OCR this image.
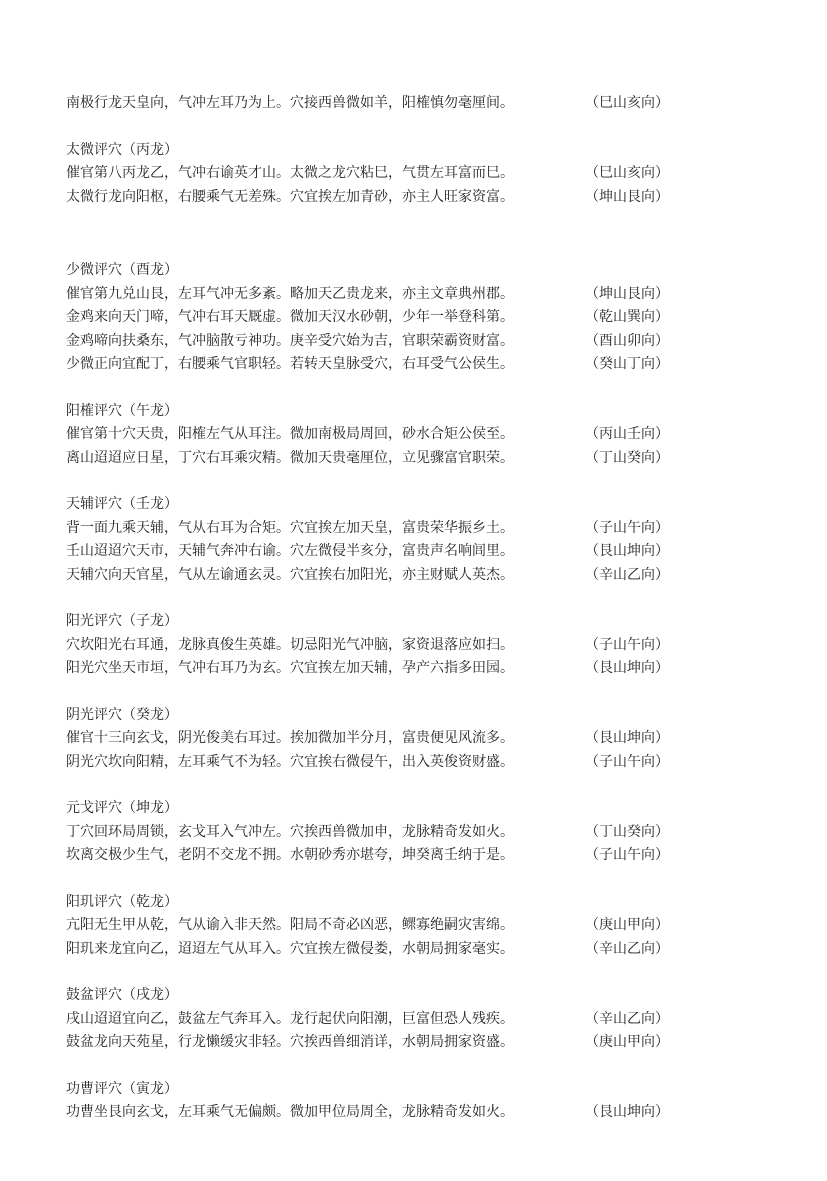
南极行龙天皇向，气冲左耳乃为上。穴接西兽微如羊，阳榷慎勿毫厘间。	（巳山亥向）
太微评穴（丙龙）
催官第八丙龙乙，气冲右谕英才山。太微之龙穴粘巳，气贯左耳富而巳。	（巳山亥向）
太微行龙向阳枢，右腰乘气无差殊。穴宜挨左加青砂，亦主人旺家资富。	（坤山艮向）
少微评穴（酉龙）
催官第九兑山艮，左耳气冲无多紊。略加天乙贵龙来，亦主文章典州郡。	（坤山艮向）
金鸡来向天门啼，气冲右耳天厩虚。微加天汉水砂朝，少年一举登科第。	（乾山巽向）
金鸡啼向扶桑东，气冲脑散亏神功。庚辛受穴始为吉，官职荣霸资财富。	（酉山卯向）
少微正向宜配丁，右腰乘气官职轻。若转天皇脉受穴，右耳受气公侯生。	（癸山丁向）
阳榷评穴（午龙）
催官第十穴天贵，阳榷左气从耳注。微加南极局周回，砂水合矩公侯至。	（丙山壬向）
离山迢迢应日星，丁穴右耳乘灾精。微加天贵毫厘位，立见骤富官职荣。	（丁山癸向）
天辅评穴（壬龙）
背一面九乘天辅，气从右耳为合矩。穴宜挨左加天皇，富贵荣华振乡土。	（子山午向）
壬山迢迢穴天市，天辅气奔冲右谕。穴左微侵半亥分，富贵声名响闾里。	（艮山坤向）
天辅穴向天官星，气从左谕通玄灵。穴宜挨右加阳光，亦主财赋人英杰。	（辛山乙向）
阳光评穴（子龙）
穴坎阳光右耳通，龙脉真俊生英雄。切忌阳光气冲脑，家资退落应如扫。	（子山午向）
阳光穴坐天市垣，气冲右耳乃为玄。穴宜挨左加天辅，孕产六指多田园。	（艮山坤向）
阴光评穴（癸龙）
催官十三向玄戈，阴光俊美右耳过。挨加微加半分月，富贵便见风流多。	（艮山坤向）
阴光穴坎向阳精，左耳乘气不为轻。穴宜挨右微侵午，出入英俊资财盛。	（子山午向）
元戈评穴（坤龙）
丁穴回环局周锁，玄戈耳入气冲左。穴挨西兽微加申，龙脉精奇发如火。	（丁山癸向）
坎离交极少生气，老阴不交龙不拥。水朝砂秀亦堪夸，坤癸离壬纳于是。	（子山午向）
阳玑评穴（乾龙）
亢阳无生甲从乾，气从谕入非天然。阳局不奇必凶恶，鳏寡绝嗣灾害绵。	（庚山甲向）
阳玑来龙宜向乙，迢迢左气从耳入。穴宜挨左微侵娄，水朝局拥家毫实。	（辛山乙向）
鼓盆评穴（戌龙）
戌山迢迢宜向乙，鼓盆左气奔耳入。龙行起伏向阳潮，巨富但恐人残疾。	（辛山乙向）
鼓盆龙向天苑星，行龙懒缓灾非轻。穴挨西兽细消详，水朝局拥家资盛。	（庚山甲向）
功曹评穴（寅龙）
功曹坐艮向玄戈，左耳乘气无偏颇。微加甲位局周全，龙脉精奇发如火。	（艮山坤向）
